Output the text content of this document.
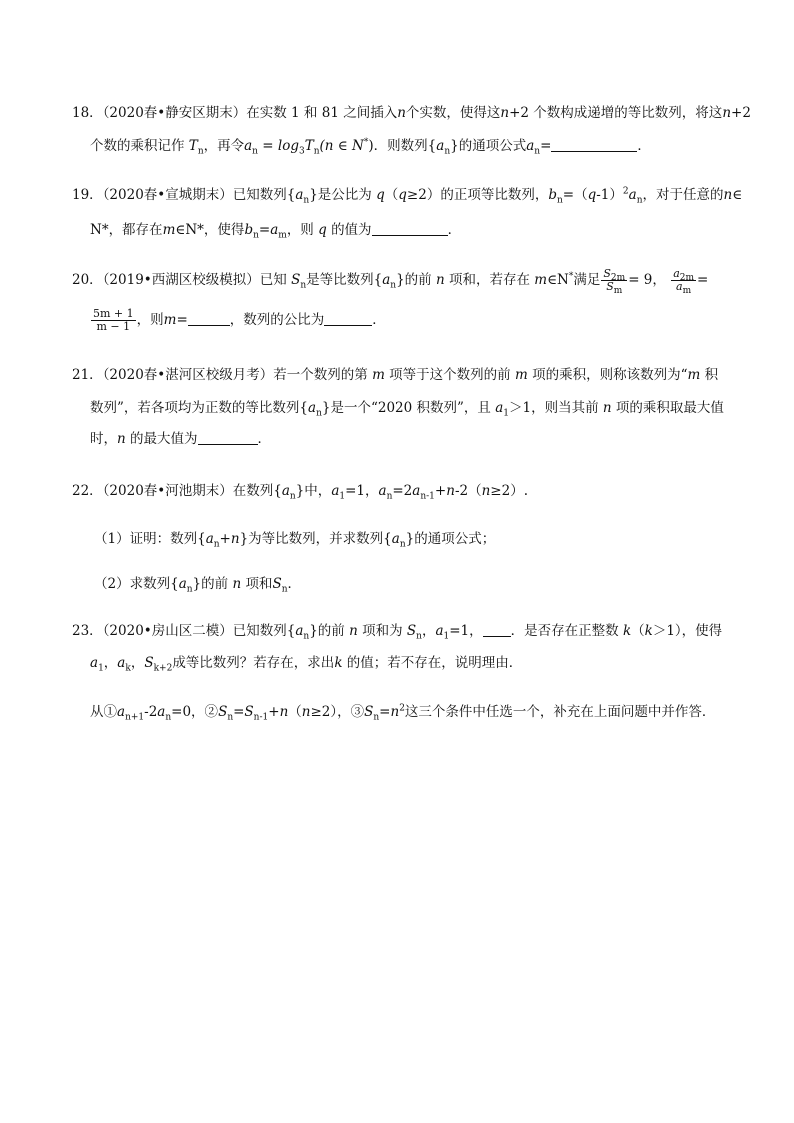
18．（2020春•静安区期末）在实数 1 和 81 之间插入n个实数，使得这n+2 个数构成递增的等比数列，将这n+2
个数的乘积记作 $T_n$，再令$a_n = \log_3T_n(n$ ∈ N*)．则数列$\{a_n\}$的通项公式$a_n=$	．
19．（2020春•宣城期末）已知数列$\{a_n\}$是公比为 q（q≥2）的正项等比数列，$b_n=(q-1)^2a_n$，对于任意的n∈
N*，都存在m∈N*，使得$b_n=a_m$，则 q 的值为	．
20．（2019•西湖区校级模拟）已知 $S_n$是等比数列$\{a_n\}$的前 n 项和，若存在 m∈N*满足 $\frac{S_{2m}}{S_m} = 9$， $\frac{a_{2m}}{a_m}$ =
$\frac{5m + 1}{m - 1}$ ，则m=	，数列的公比为	．
21．（2020春•湛河区校级月考）若一个数列的第 m 项等于这个数列的前 m 项的乘积，则称该数列为“m 积
数列”，若各项均为正数的等比数列$\{a_n\}$是一个“2020 积数列”，且 $a_1>1$，则当其前 n 项的乘积取最大值
时，n 的最大值为	．
22．（2020春•河池期末）在数列$\{a_n\}$中，$a_1=1$，$a_n=2a_{n-1}+n-2(n\ge 2)$.
（1）证明：数列$\{a_n+n\}$为等比数列，并求数列$\{a_n\}$的通项公式；
（2）求数列$\{a_n\}$的前 n 项和$S_n$．
23．（2020•房山区二模）已知数列$\{a_n\}$的前 n 项和为 $S_n$，$a_1=1$， ．是否存在正整数 k（k＞1），使得
$a_1$，$a_k$，$S_{k+2}$成等比数列？若存在，求出k 的值；若不存在，说明理由．
从$①a_{n+1}-2a_n=0$，$②S_n=S_{n-1}+n(n\ge 2)$，$③S_n=n^2$这三个条件中任选一个，补充在上面问题中并作答．
